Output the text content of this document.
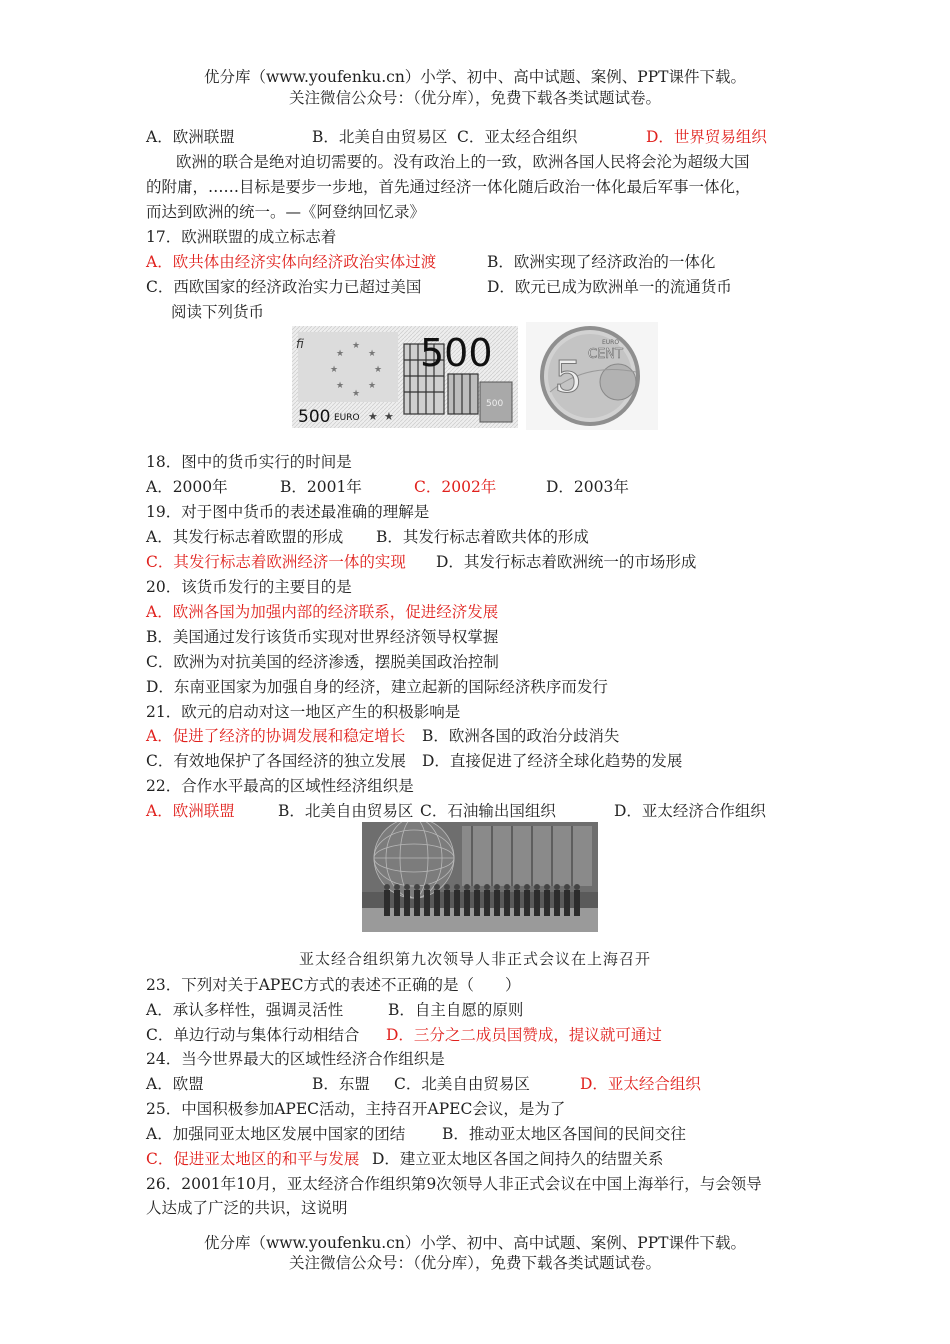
优分库（www.youfenku.cn）小学、初中、高中试题、案例、PPT课件下载。
关注微信公众号：（优分库），免费下载各类试题试卷。
A．欧洲联盟	B．北美自由贸易区 C．亚太经合组织	D．世界贸易组织
欧洲的联合是绝对迫切需要的。没有政治上的一致，欧洲各国人民将会沦为超级大国
的附庸，……目标是要步一步地，首先通过经济一体化随后政治一体化最后军事一体化，
而达到欧洲的统一。—《阿登纳回忆录》
17．欧洲联盟的成立标志着
A．欧共体由经济实体向经济政治实体过渡	B．欧洲实现了经济政治的一体化
C．西欧国家的经济政治实力已超过美国	D．欧元已成为欧洲单一的流通货币
阅读下列货币
★
★
★
★
★
★
★
★
ﬁ
500
500
500 EURO ★ ★
5 CENT
EURO
18．图中的货币实行的时间是
A．2000年	B．2001年	C．2002年	D．2003年
19．对于图中货币的表述最准确的理解是
A．其发行标志着欧盟的形成 B．其发行标志着欧共体的形成
C．其发行标志着欧洲经济一体的实现 D．其发行标志着欧洲统一的市场形成
20．该货币发行的主要目的是
A．欧洲各国为加强内部的经济联系，促进经济发展
B．美国通过发行该货币实现对世界经济领导权掌握
C．欧洲为对抗美国的经济渗透，摆脱美国政治控制
D．东南亚国家为加强自身的经济，建立起新的国际经济秩序而发行
21．欧元的启动对这一地区产生的积极影响是
A．促进了经济的协调发展和稳定增长 B．欧洲各国的政治分歧消失
C．有效地保护了各国经济的独立发展 D．直接促进了经济全球化趋势的发展
22．合作水平最高的区域性经济组织是
A．欧洲联盟	B．北美自由贸易区 C．石油输出国组织	D．亚太经济合作组织
亚太经合组织第九次领导人非正式会议在上海召开
23．下列对关于APEC方式的表述不正确的是（　　）
A．承认多样性，强调灵活性	B．自主自愿的原则
C．单边行动与集体行动相结合 D．三分之二成员国赞成，提议就可通过
24．当今世界最大的区域性经济合作组织是
A．欧盟	B．东盟 C．北美自由贸易区	D．亚太经合组织
25．中国积极参加APEC活动，主持召开APEC会议，是为了
A．加强同亚太地区发展中国家的团结 B．推动亚太地区各国间的民间交往
C．促进亚太地区的和平与发展 D．建立亚太地区各国之间持久的结盟关系
26．2001年10月，亚太经济合作组织第9次领导人非正式会议在中国上海举行，与会领导
人达成了广泛的共识，这说明
优分库（www.youfenku.cn）小学、初中、高中试题、案例、PPT课件下载。
关注微信公众号：（优分库），免费下载各类试题试卷。
